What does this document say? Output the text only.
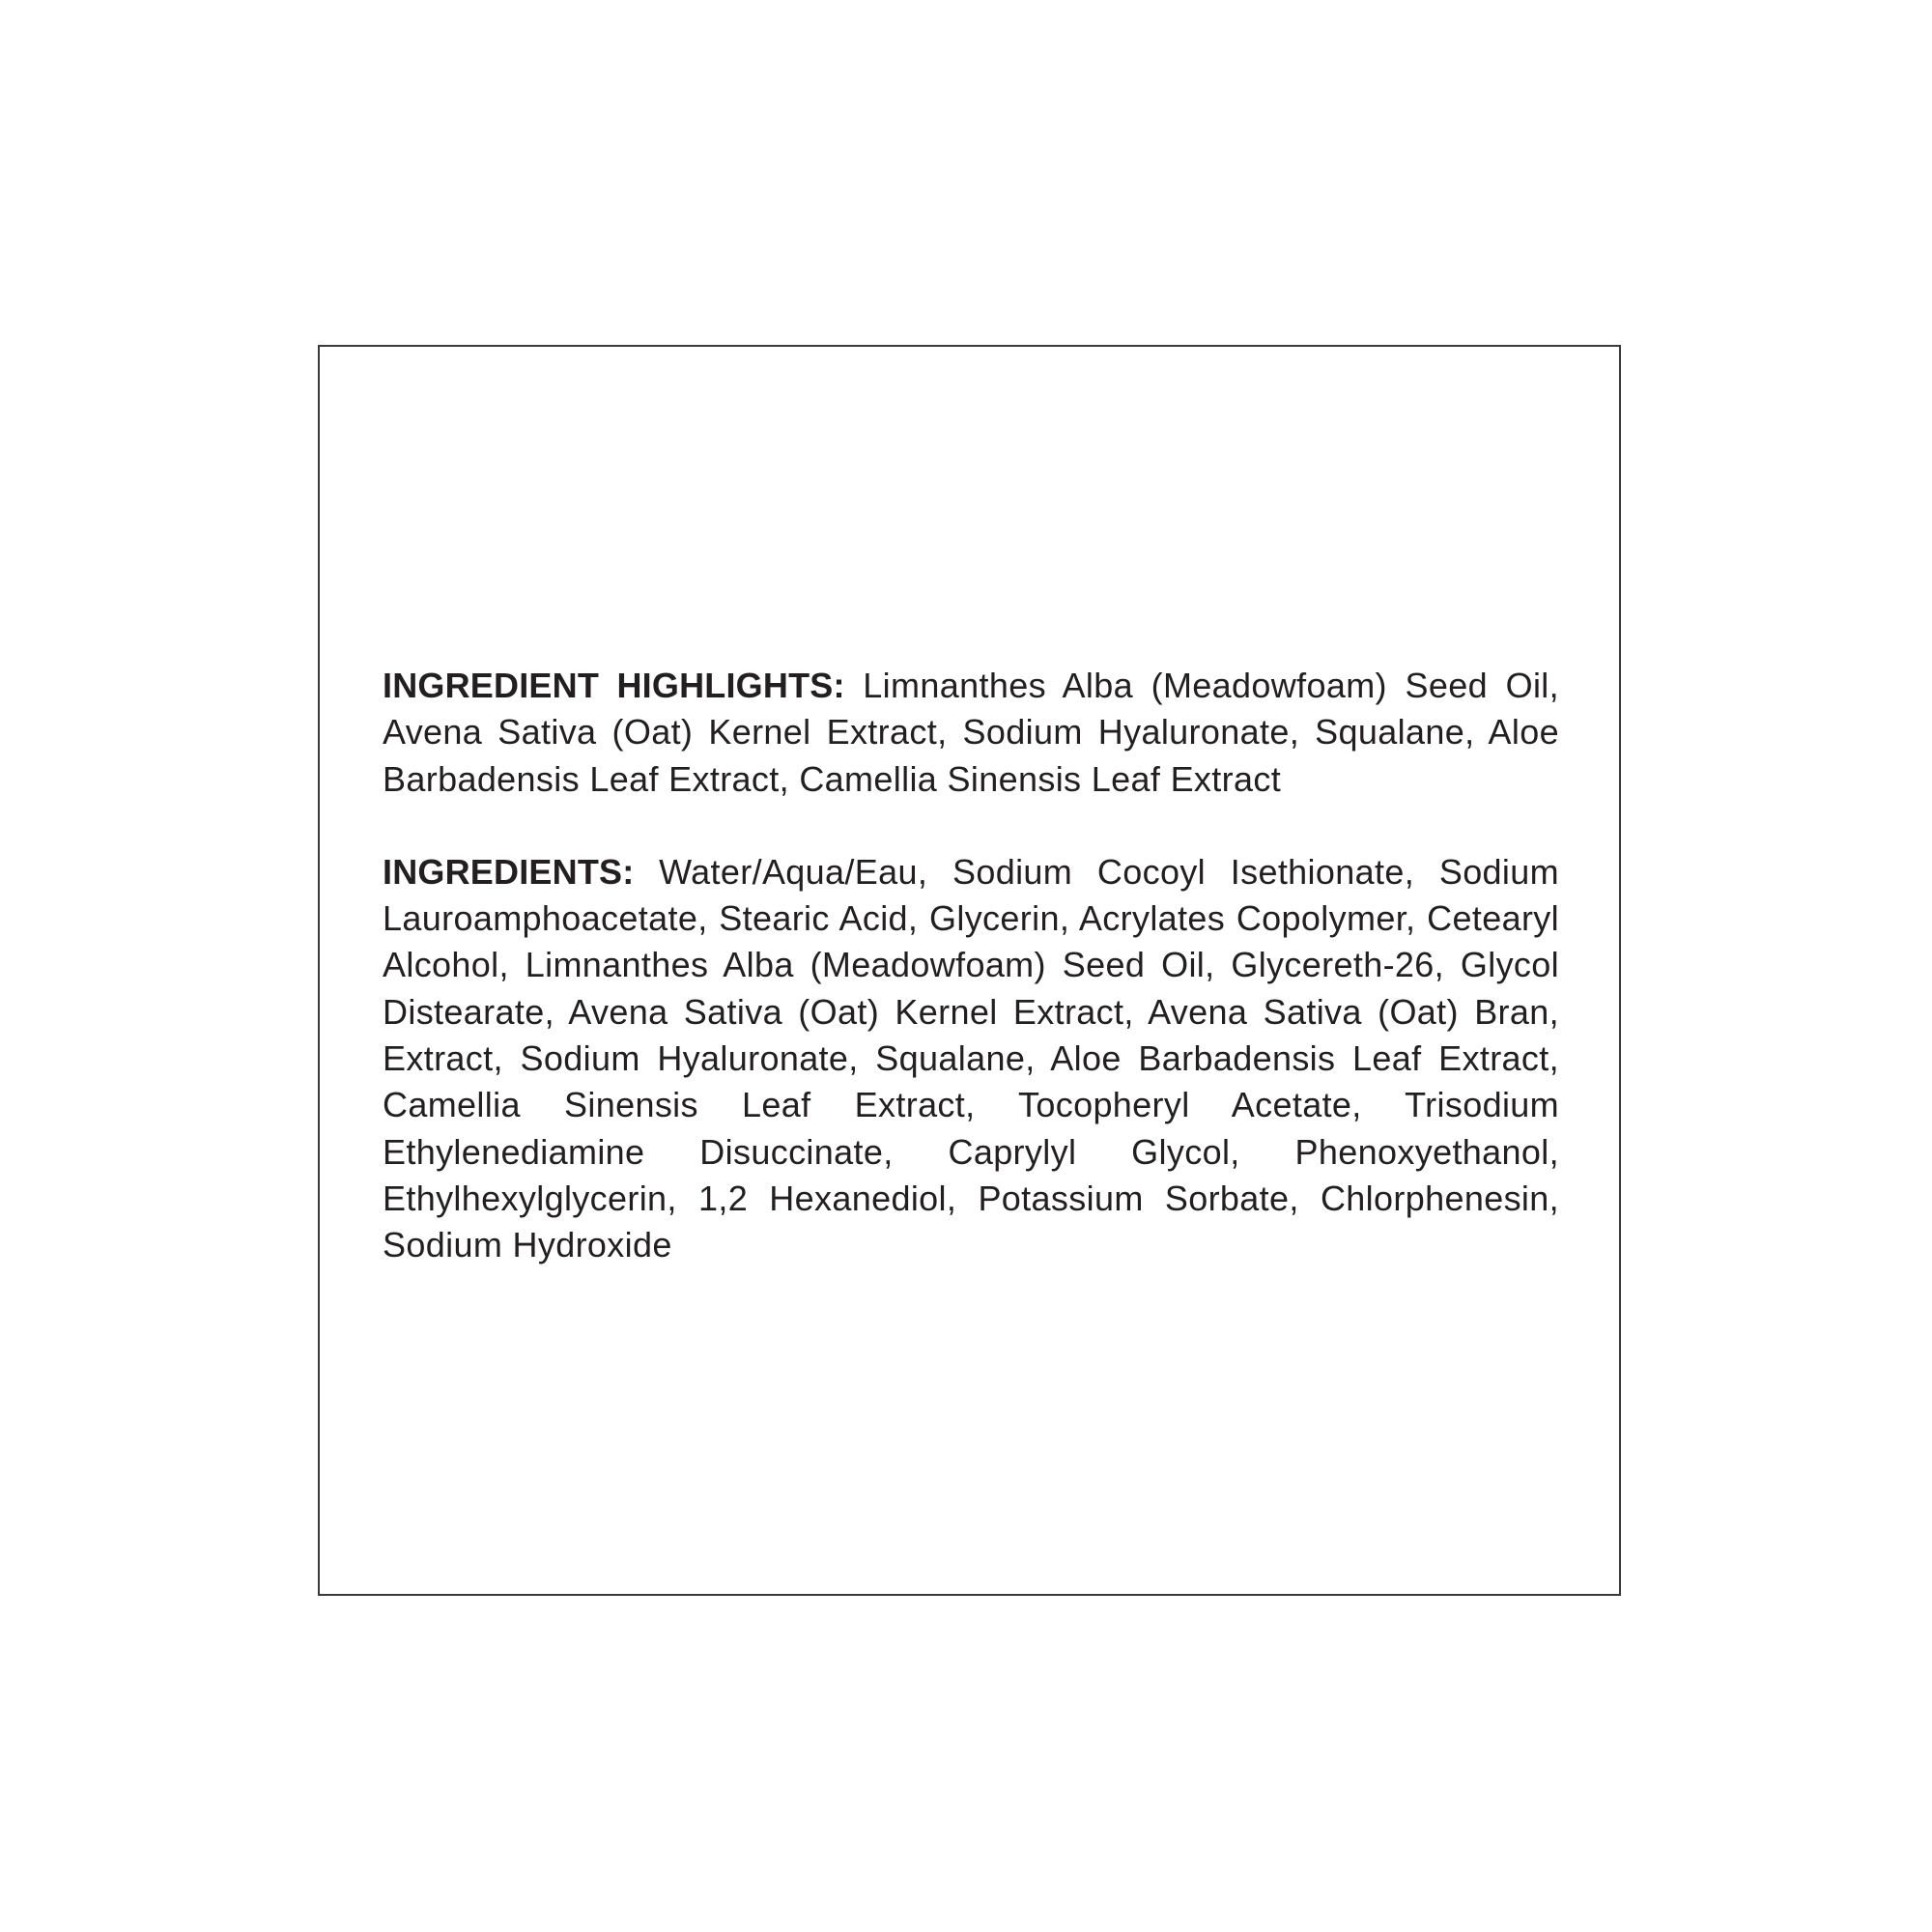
INGREDIENT HIGHLIGHTS: Limnanthes Alba (Meadowfoam) Seed Oil, Avena Sativa (Oat) Kernel Extract, Sodium Hyaluronate, Squalane, Aloe Barbadensis Leaf Extract, Camellia Sinensis Leaf Extract

INGREDIENTS: Water/Aqua/Eau, Sodium Cocoyl Isethionate, Sodium Lauroamphoacetate, Stearic Acid, Glycerin, Acrylates Copolymer, Cetearyl Alcohol, Limnanthes Alba (Meadowfoam) Seed Oil, Glycereth-26, Glycol Distearate, Avena Sativa (Oat) Kernel Extract, Avena Sativa (Oat) Bran, Extract, Sodium Hyaluronate, Squalane, Aloe Barbadensis Leaf Extract, Camellia Sinensis Leaf Extract, Tocopheryl Acetate, Trisodium Ethylenediamine Disuccinate, Caprylyl Glycol, Phenoxyethanol, Ethylhexylglycerin, 1,2 Hexanediol, Potassium Sorbate, Chlorphenesin, Sodium Hydroxide
